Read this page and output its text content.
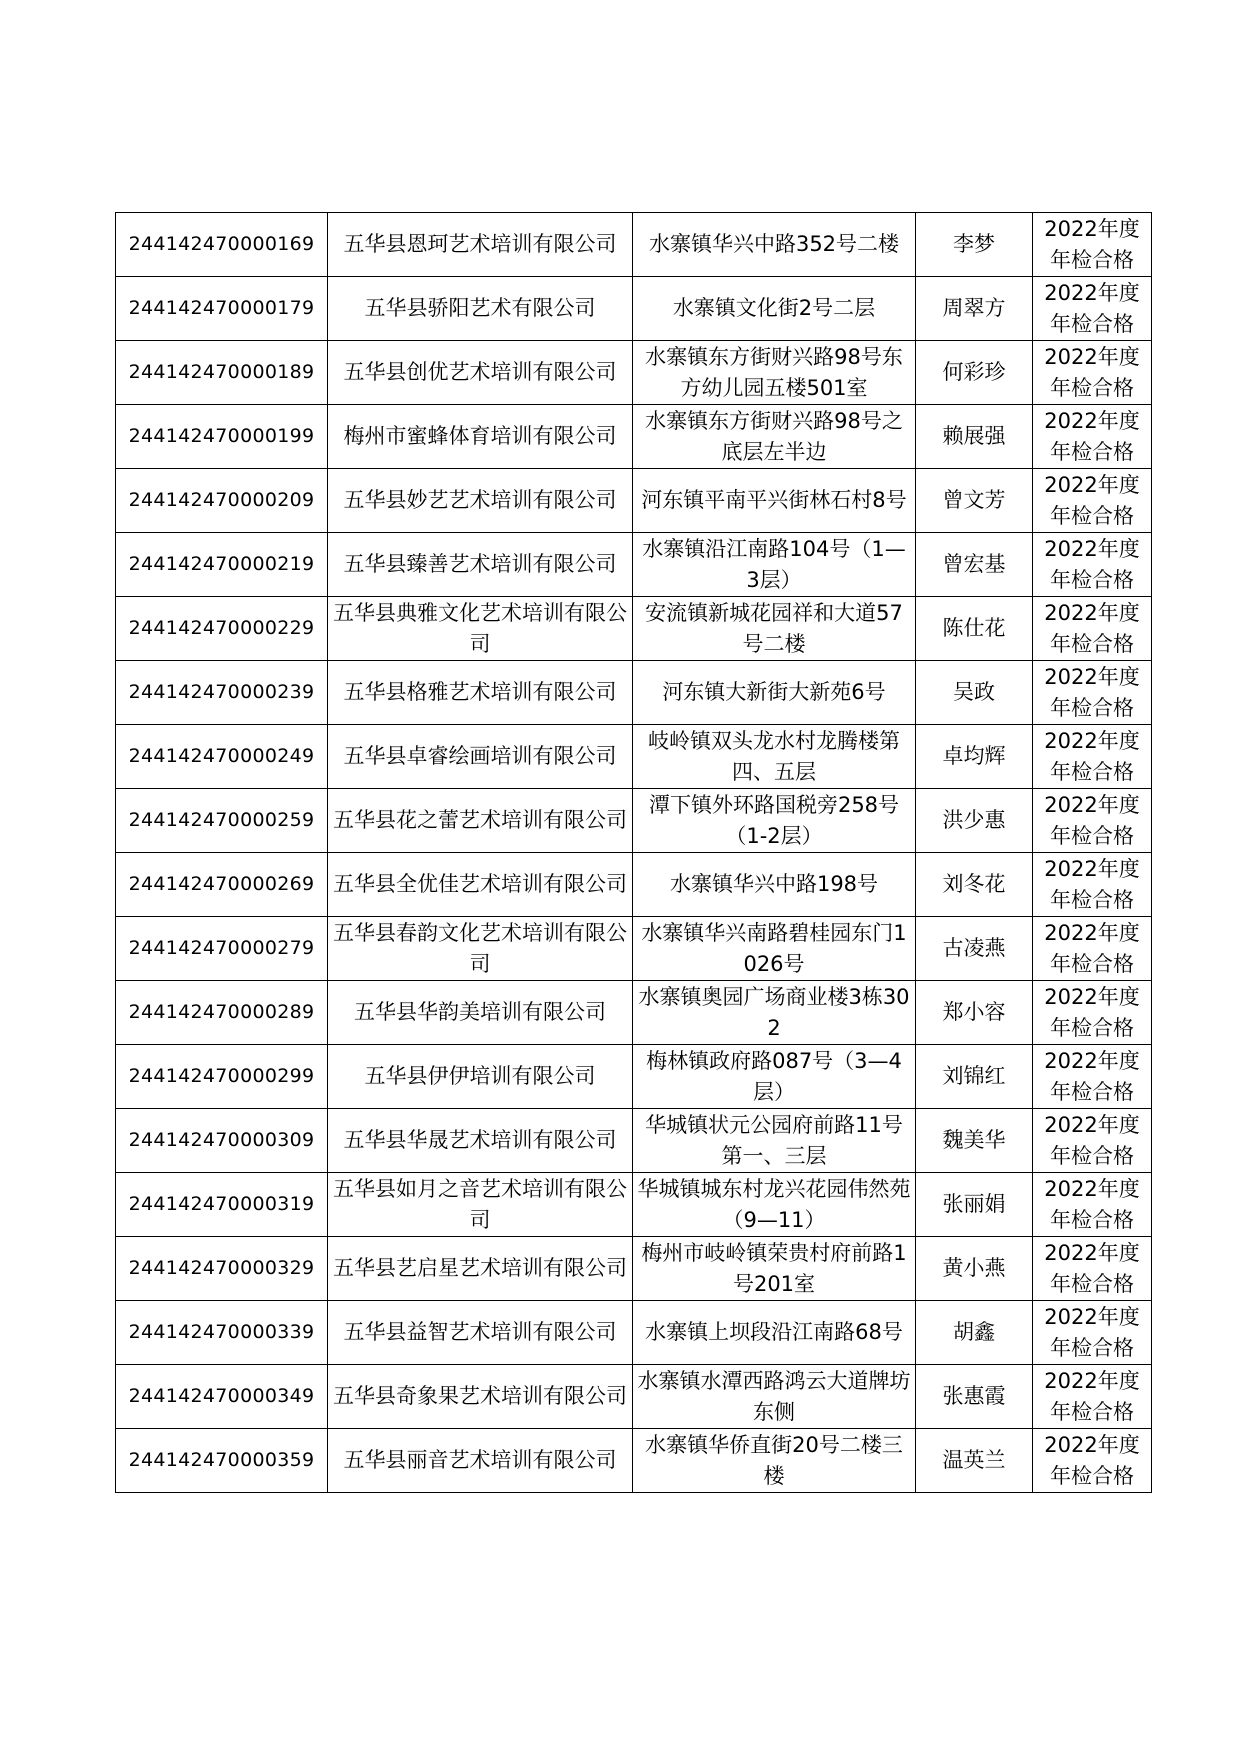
244142470000169	五华县恩珂艺术培训有限公司	水寨镇华兴中路352号二楼	李梦	2022年度年检合格
244142470000179	五华县骄阳艺术有限公司	水寨镇文化街2号二层	周翠方	2022年度年检合格
244142470000189	五华县创优艺术培训有限公司	水寨镇东方街财兴路98号东方幼儿园五楼501室	何彩珍	2022年度年检合格
244142470000199	梅州市蜜蜂体育培训有限公司	水寨镇东方街财兴路98号之底层左半边	赖展强	2022年度年检合格
244142470000209	五华县妙艺艺术培训有限公司	河东镇平南平兴街林石村8号	曾文芳	2022年度年检合格
244142470000219	五华县臻善艺术培训有限公司	水寨镇沿江南路104号（1—3层）	曾宏基	2022年度年检合格
244142470000229	五华县典雅文化艺术培训有限公司	安流镇新城花园祥和大道57号二楼	陈仕花	2022年度年检合格
244142470000239	五华县格雅艺术培训有限公司	河东镇大新街大新苑6号	吴政	2022年度年检合格
244142470000249	五华县卓睿绘画培训有限公司	岐岭镇双头龙水村龙腾楼第四、五层	卓均辉	2022年度年检合格
244142470000259	五华县花之蕾艺术培训有限公司	潭下镇外环路国税旁258号（1-2层）	洪少惠	2022年度年检合格
244142470000269	五华县全优佳艺术培训有限公司	水寨镇华兴中路198号	刘冬花	2022年度年检合格
244142470000279	五华县春韵文化艺术培训有限公司	水寨镇华兴南路碧桂园东门1026号	古凌燕	2022年度年检合格
244142470000289	五华县华韵美培训有限公司	水寨镇奥园广场商业楼3栋302	郑小容	2022年度年检合格
244142470000299	五华县伊伊培训有限公司	梅林镇政府路087号（3—4层）	刘锦红	2022年度年检合格
244142470000309	五华县华晟艺术培训有限公司	华城镇状元公园府前路11号第一、三层	魏美华	2022年度年检合格
244142470000319	五华县如月之音艺术培训有限公司	华城镇城东村龙兴花园伟然苑（9—11）	张丽娟	2022年度年检合格
244142470000329	五华县艺启星艺术培训有限公司	梅州市岐岭镇荣贵村府前路1号201室	黄小燕	2022年度年检合格
244142470000339	五华县益智艺术培训有限公司	水寨镇上坝段沿江南路68号	胡鑫	2022年度年检合格
244142470000349	五华县奇象果艺术培训有限公司	水寨镇水潭西路鸿云大道牌坊东侧	张惠霞	2022年度年检合格
244142470000359	五华县丽音艺术培训有限公司	水寨镇华侨直街20号二楼三楼	温英兰	2022年度年检合格
